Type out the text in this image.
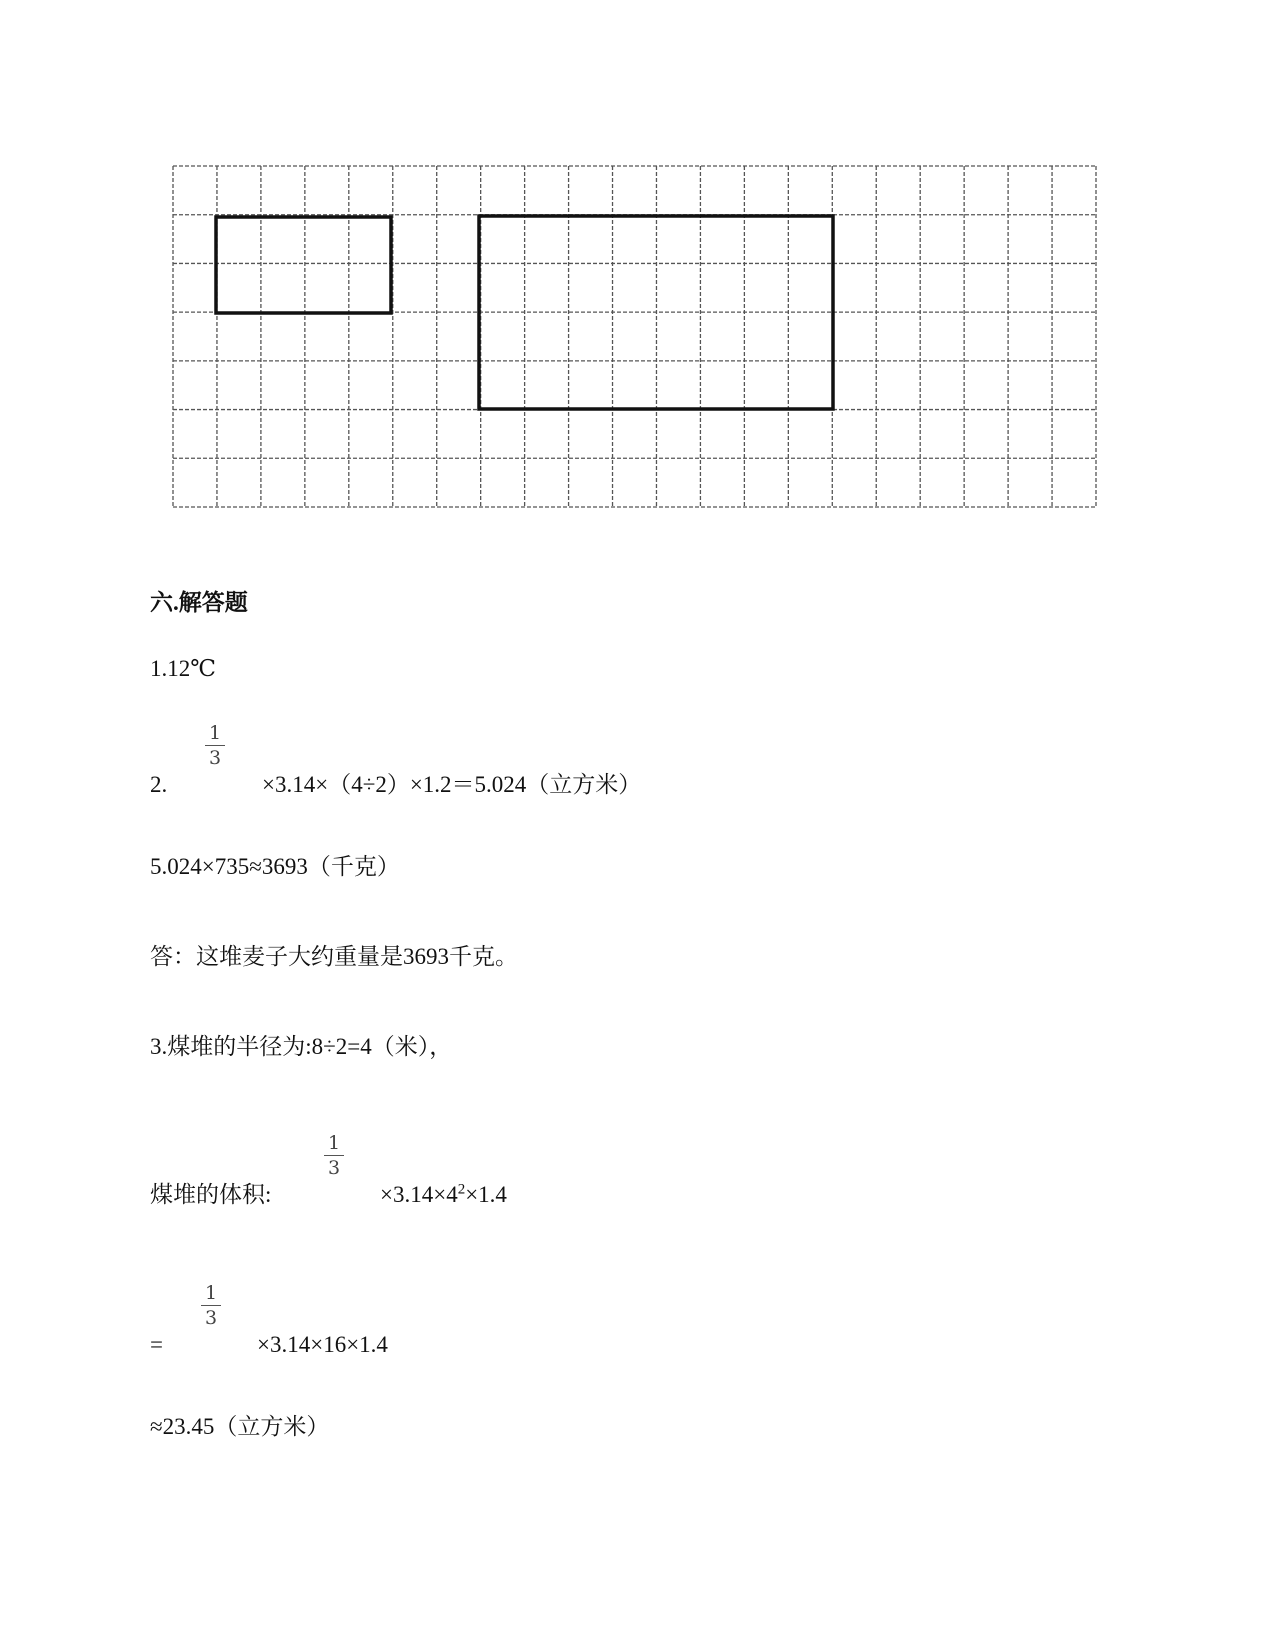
六.解答题
1.12℃
2.
1
3
×3.14×（4÷2）×1.2＝5.024（立方米）
5.024×735≈3693（千克）
答：这堆麦子大约重量是3693千克。
3.煤堆的半径为:8÷2=4（米），
煤堆的体积:
1
3
$\times 3.14\times 4^2\times 1.4$
=
1
3
×3.14×16×1.4
≈23.45（立方米）
